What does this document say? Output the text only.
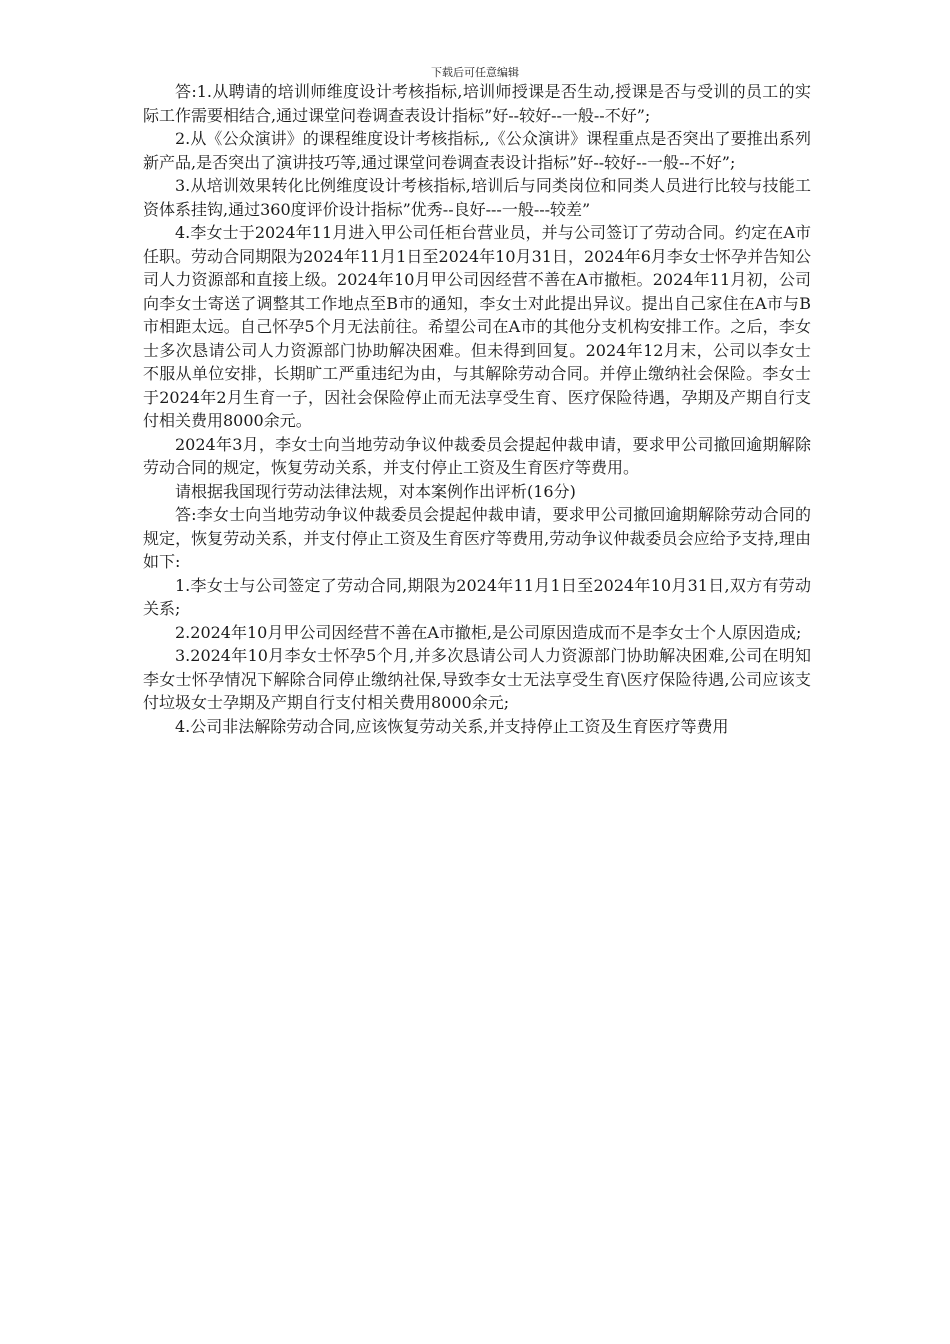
下载后可任意编辑

答:1.从聘请的培训师维度设计考核指标,培训师授课是否生动,授课是否与受训的员工的实际工作需要相结合,通过课堂问卷调查表设计指标”好--较好--一般--不好”;

2.从《公众演讲》的课程维度设计考核指标,,《公众演讲》课程重点是否突出了要推出系列新产品,是否突出了演讲技巧等,通过课堂问卷调查表设计指标”好--较好--一般--不好”;

3.从培训效果转化比例维度设计考核指标,培训后与同类岗位和同类人员进行比较与技能工资体系挂钩,通过360度评价设计指标”优秀--良好---一般---较差”

4.李女士于2024年11月进入甲公司任柜台营业员，并与公司签订了劳动合同。约定在A市任职。劳动合同期限为2024年11月1日至2024年10月31日，2024年6月李女士怀孕并告知公司人力资源部和直接上级。2024年10月甲公司因经营不善在A市撤柜。2024年11月初，公司向李女士寄送了调整其工作地点至B市的通知，李女士对此提出异议。提出自己家住在A市与B市相距太远。自己怀孕5个月无法前往。希望公司在A市的其他分支机构安排工作。之后，李女士多次恳请公司人力资源部门协助解决困难。但未得到回复。2024年12月末，公司以李女士不服从单位安排，长期旷工严重违纪为由，与其解除劳动合同。并停止缴纳社会保险。李女士于2024年2月生育一子，因社会保险停止而无法享受生育、医疗保险待遇，孕期及产期自行支付相关费用8000余元。

2024年3月，李女士向当地劳动争议仲裁委员会提起仲裁申请，要求甲公司撤回逾期解除劳动合同的规定，恢复劳动关系，并支付停止工资及生育医疗等费用。

请根据我国现行劳动法律法规，对本案例作出评析(16分)

答:李女士向当地劳动争议仲裁委员会提起仲裁申请，要求甲公司撤回逾期解除劳动合同的规定，恢复劳动关系，并支付停止工资及生育医疗等费用,劳动争议仲裁委员会应给予支持,理由如下:

1.李女士与公司签定了劳动合同,期限为2024年11月1日至2024年10月31日,双方有劳动关系;

2.2024年10月甲公司因经营不善在A市撤柜,是公司原因造成而不是李女士个人原因造成;

3.2024年10月李女士怀孕5个月,并多次恳请公司人力资源部门协助解决困难,公司在明知李女士怀孕情况下解除合同停止缴纳社保,导致李女士无法享受生育\医疗保险待遇,公司应该支付垃圾女士孕期及产期自行支付相关费用8000余元;

4.公司非法解除劳动合同,应该恢复劳动关系,并支持停止工资及生育医疗等费用
